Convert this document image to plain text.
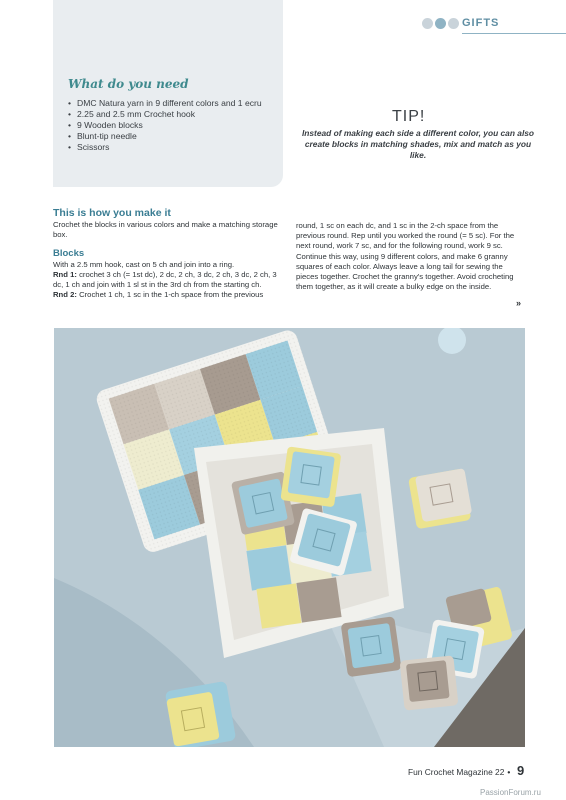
GIFTS
What do you need
• DMC Natura yarn in 9 different colors and 1 ecru
• 2.25 and 2.5 mm Crochet hook
• 9 Wooden blocks
• Blunt-tip needle
• Scissors
TIP!
Instead of making each side a different color, you can also create blocks in matching shades, mix and match as you like.
This is how you make it

Crochet the blocks in various colors and make a matching storage box.

Blocks

With a 2.5 mm hook, cast on 5 ch and join into a ring.

Rnd 1: crochet 3 ch (= 1st dc), 2 dc, 2 ch, 3 dc, 2 ch, 3 dc, 2 ch, 3 dc, 1 ch and join with 1 sl st in the 3rd ch from the starting ch.

Rnd 2: Crochet 1 ch, 1 sc in the 1-ch space from the previous

round, 1 sc on each dc, and 1 sc in the 2-ch space from the previous round. Rep until you worked the round (= 5 sc). For the next round, work 7 sc, and for the following round, work 9 sc. Continue this way, using 9 different colors, and make 6 granny squares of each color. Always leave a long tail for sewing the pieces together. Crochet the granny's together. Avoid crocheting them together, as it will create a bulky edge on the inside.

»
Fun Crochet Magazine 22 • 9
PassionForum.ru
